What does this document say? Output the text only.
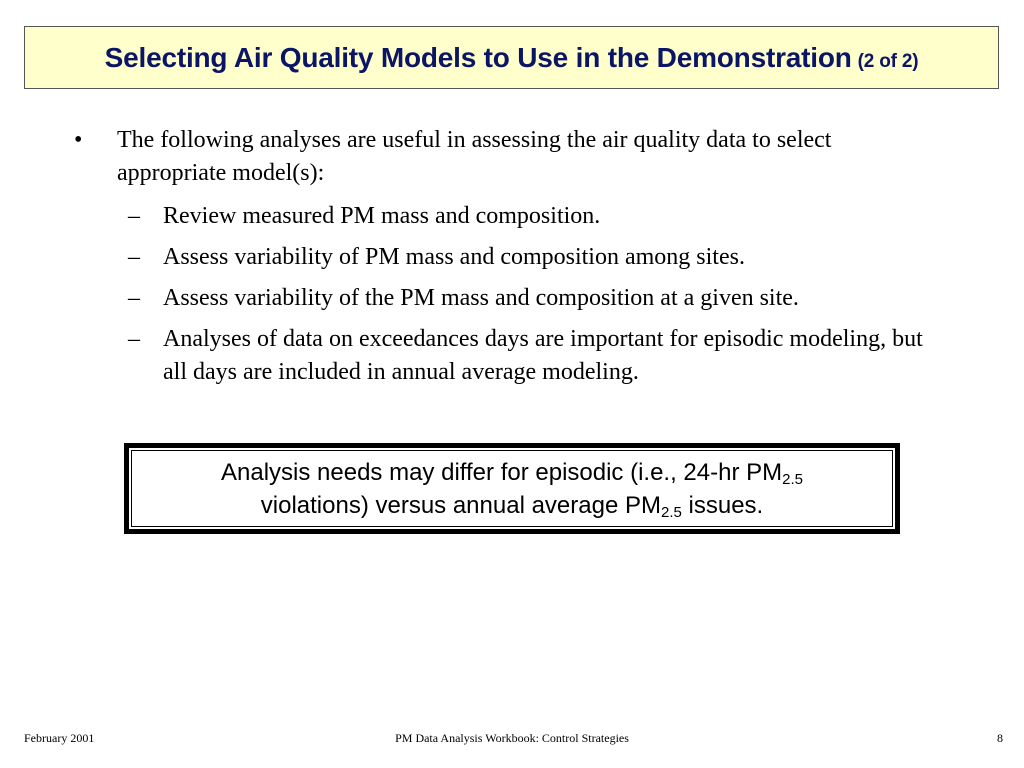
Selecting Air Quality Models to Use in the Demonstration (2 of 2)
• The following analyses are useful in assessing the air quality data to select appropriate model(s):
– Review measured PM mass and composition.
– Assess variability of PM mass and composition among sites.
– Assess variability of the PM mass and composition at a given site.
– Analyses of data on exceedances days are important for episodic modeling, but all days are included in annual average modeling.
Analysis needs may differ for episodic (i.e., 24-hr $PM_{2.5}$
violations) versus annual average $PM_{2.5}$ issues.
February 2001	PM Data Analysis Workbook: Control Strategies	8
